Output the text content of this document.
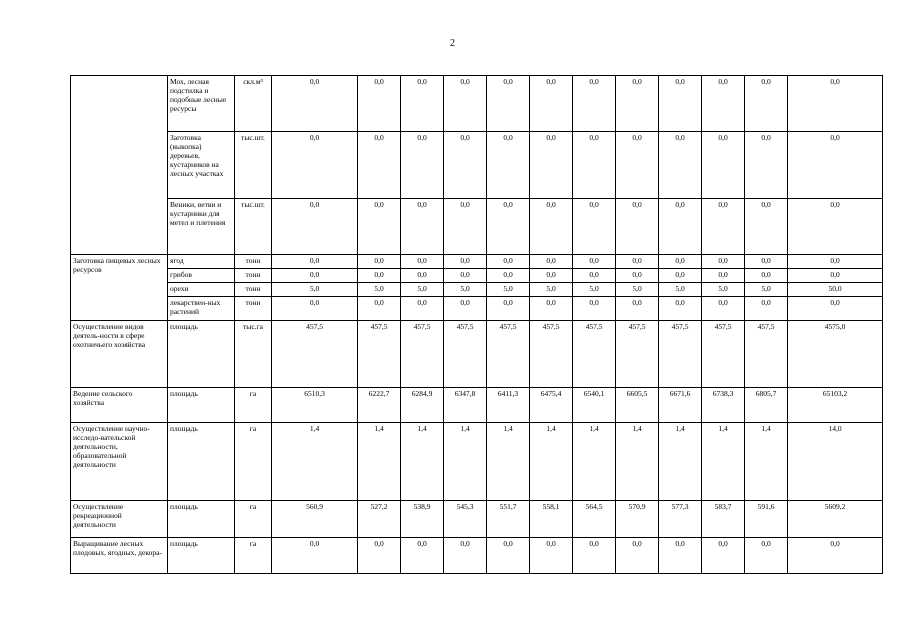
2
	Мох, лесная подстилка и подобные лесные ресурсы	скл.м³	0,0	0,0	0,0	0,0	0,0	0,0	0,0	0,0	0,0	0,0	0,0	0,0
	Заготовка (выкопка) деревьев, кустарников на лесных участках	тыс.шт.	0,0	0,0	0,0	0,0	0,0	0,0	0,0	0,0	0,0	0,0	0,0	0,0
	Веники, ветви и кустарники для метел и плетения	тыс.шт.	0,0	0,0	0,0	0,0	0,0	0,0	0,0	0,0	0,0	0,0	0,0	0,0
Заготовка пищевых лесных ресурсов	ягод	тонн	0,0	0,0	0,0	0,0	0,0	0,0	0,0	0,0	0,0	0,0	0,0	0,0
	грибов	тонн	0,0	0,0	0,0	0,0	0,0	0,0	0,0	0,0	0,0	0,0	0,0	0,0
	орехи	тонн	5,0	5,0	5,0	5,0	5,0	5,0	5,0	5,0	5,0	5,0	5,0	50,0
	лекарствен-ных растений	тонн	0,0	0,0	0,0	0,0	0,0	0,0	0,0	0,0	0,0	0,0	0,0	0,0
Осуществление видов деятель-ности в сфере охотничьего хозяйства	площадь	тыс.га	457,5	457,5	457,5	457,5	457,5	457,5	457,5	457,5	457,5	457,5	457,5	4575,0
Ведение сельского хозяйства	площадь	га	6510,3	6222,7	6284,9	6347,8	6411,3	6475,4	6540,1	6605,5	6671,6	6738,3	6805,7	65103,2
Осуществление научно-исследо-вательской деятельности, образовательной деятельности	площадь	га	1,4	1,4	1,4	1,4	1,4	1,4	1,4	1,4	1,4	1,4	1,4	14,0
Осуществление рекреационной деятельности	площадь	га	560,9	527,2	538,9	545,3	551,7	558,1	564,5	570,9	577,3	583,7	591,6	5609,2
Выращивание лесных плодовых, ягодных, декора-	площадь	га	0,0	0,0	0,0	0,0	0,0	0,0	0,0	0,0	0,0	0,0	0,0	0,0
